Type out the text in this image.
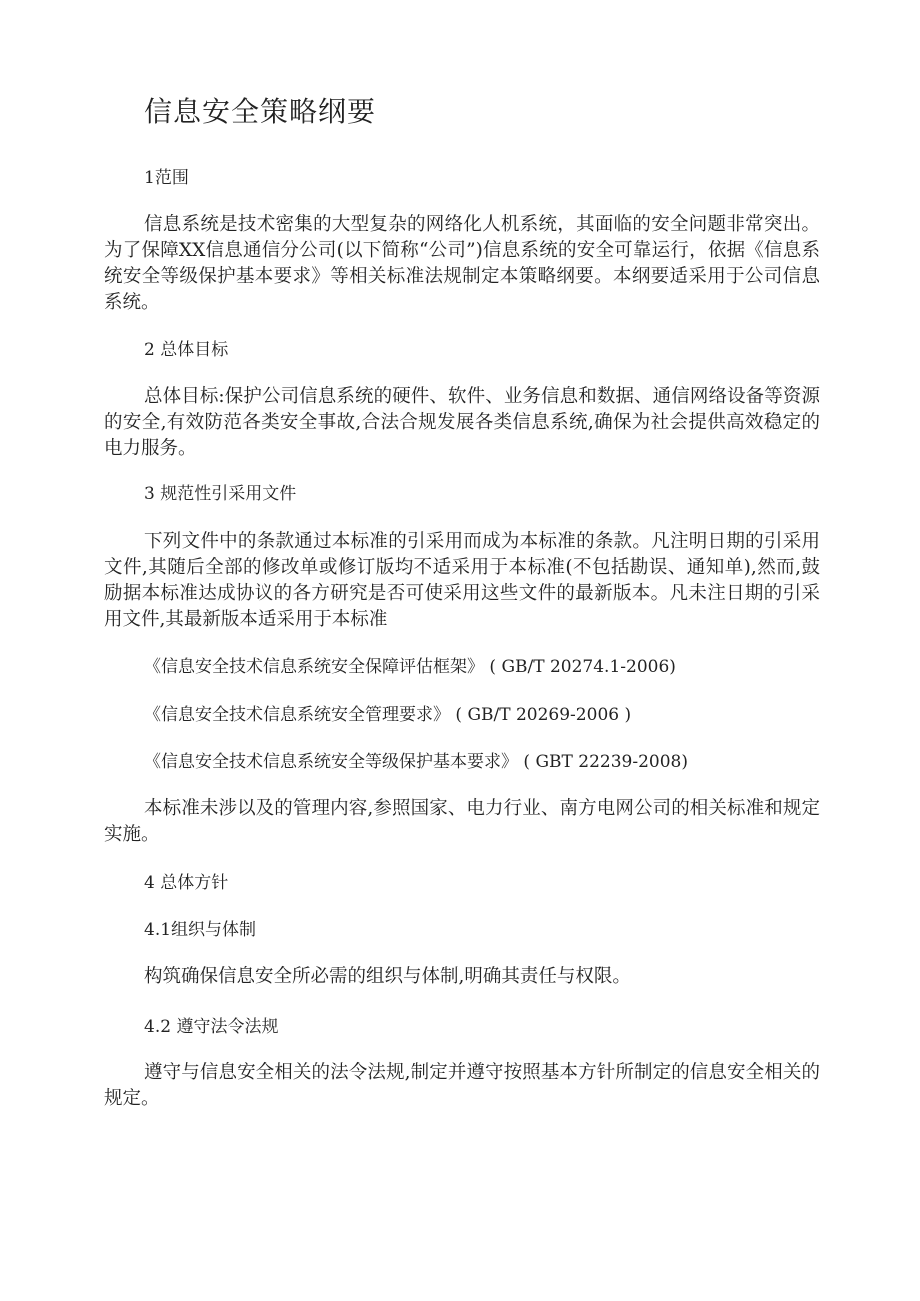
信息安全策略纲要
1范围
信息系统是技术密集的大型复杂的网络化人机系统，其面临的安全问题非常突出。为了保障XX信息通信分公司(以下简称“公司”)信息系统的安全可靠运行，依据《信息系统安全等级保护基本要求》等相关标准法规制定本策略纲要。本纲要适采用于公司信息系统。
2 总体目标
总体目标:保护公司信息系统的硬件、软件、业务信息和数据、通信网络设备等资源的安全,有效防范各类安全事故,合法合规发展各类信息系统,确保为社会提供高效稳定的电力服务。
3 规范性引采用文件
下列文件中的条款通过本标准的引采用而成为本标准的条款。凡注明日期的引采用文件,其随后全部的修改单或修订版均不适采用于本标准(不包括勘误、通知单),然而,鼓励据本标准达成协议的各方研究是否可使采用这些文件的最新版本。凡未注日期的引采用文件,其最新版本适采用于本标准
《信息安全技术信息系统安全保障评估框架》 ( GB/T 20274.1-2006)
《信息安全技术信息系统安全管理要求》 ( GB/T 20269-2006 )
《信息安全技术信息系统安全等级保护基本要求》 ( GBT 22239-2008)
本标准未涉以及的管理内容,参照国家、电力行业、南方电网公司的相关标准和规定实施。
4 总体方针
4.1组织与体制
构筑确保信息安全所必需的组织与体制,明确其责任与权限。
4.2 遵守法令法规
遵守与信息安全相关的法令法规,制定并遵守按照基本方针所制定的信息安全相关的规定。
